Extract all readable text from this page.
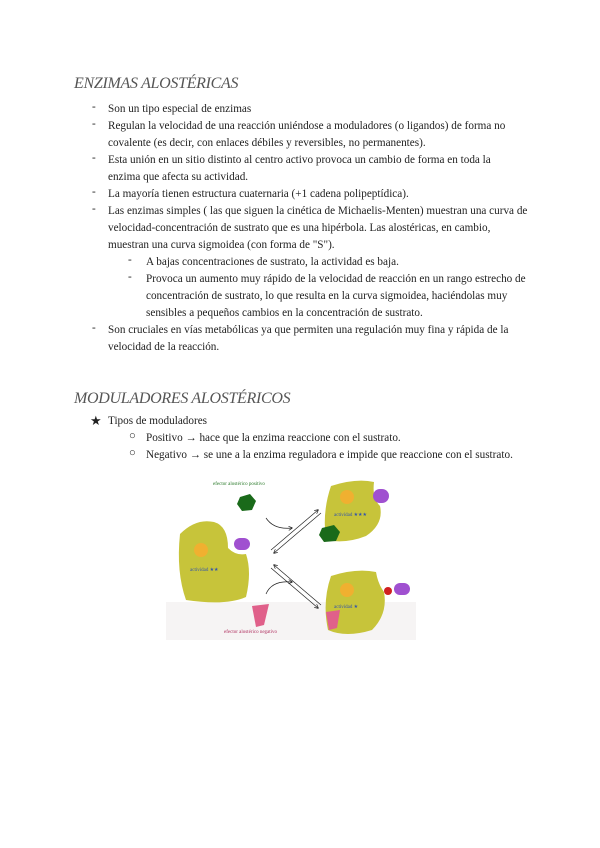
ENZIMAS ALOSTÉRICAS
- Son un tipo especial de enzimas
- Regulan la velocidad de una reacción uniéndose a moduladores (o ligandos) de forma no covalente (es decir, con enlaces débiles y reversibles, no permanentes).
- Esta unión en un sitio distinto al centro activo provoca un cambio de forma en toda la enzima que afecta su actividad.
- La mayoría tienen estructura cuaternaria (+1 cadena polipeptídica).
- Las enzimas simples ( las que siguen la cinética de Michaelis-Menten) muestran una curva de velocidad-concentración de sustrato que es una hipérbola. Las alostéricas, en cambio, muestran una curva sigmoidea (con forma de "S").
- A bajas concentraciones de sustrato, la actividad es baja.
- Provoca un aumento muy rápido de la velocidad de reacción en un rango estrecho de concentración de sustrato, lo que resulta en la curva sigmoidea, haciéndolas muy sensibles a pequeños cambios en la concentración de sustrato.
- Son cruciales en vías metabólicas ya que permiten una regulación muy fina y rápida de la velocidad de la reacción.
MODULADORES ALOSTÉRICOS
★ Tipos de moduladores
○ Positivo → hace que la enzima reaccione con el sustrato.
○ Negativo → se une a la enzima reguladora e impide que reaccione con el sustrato.
efector alostérico positivo
efector alostérico negativo
actividad ★★
actividad ★★★
actividad ★
